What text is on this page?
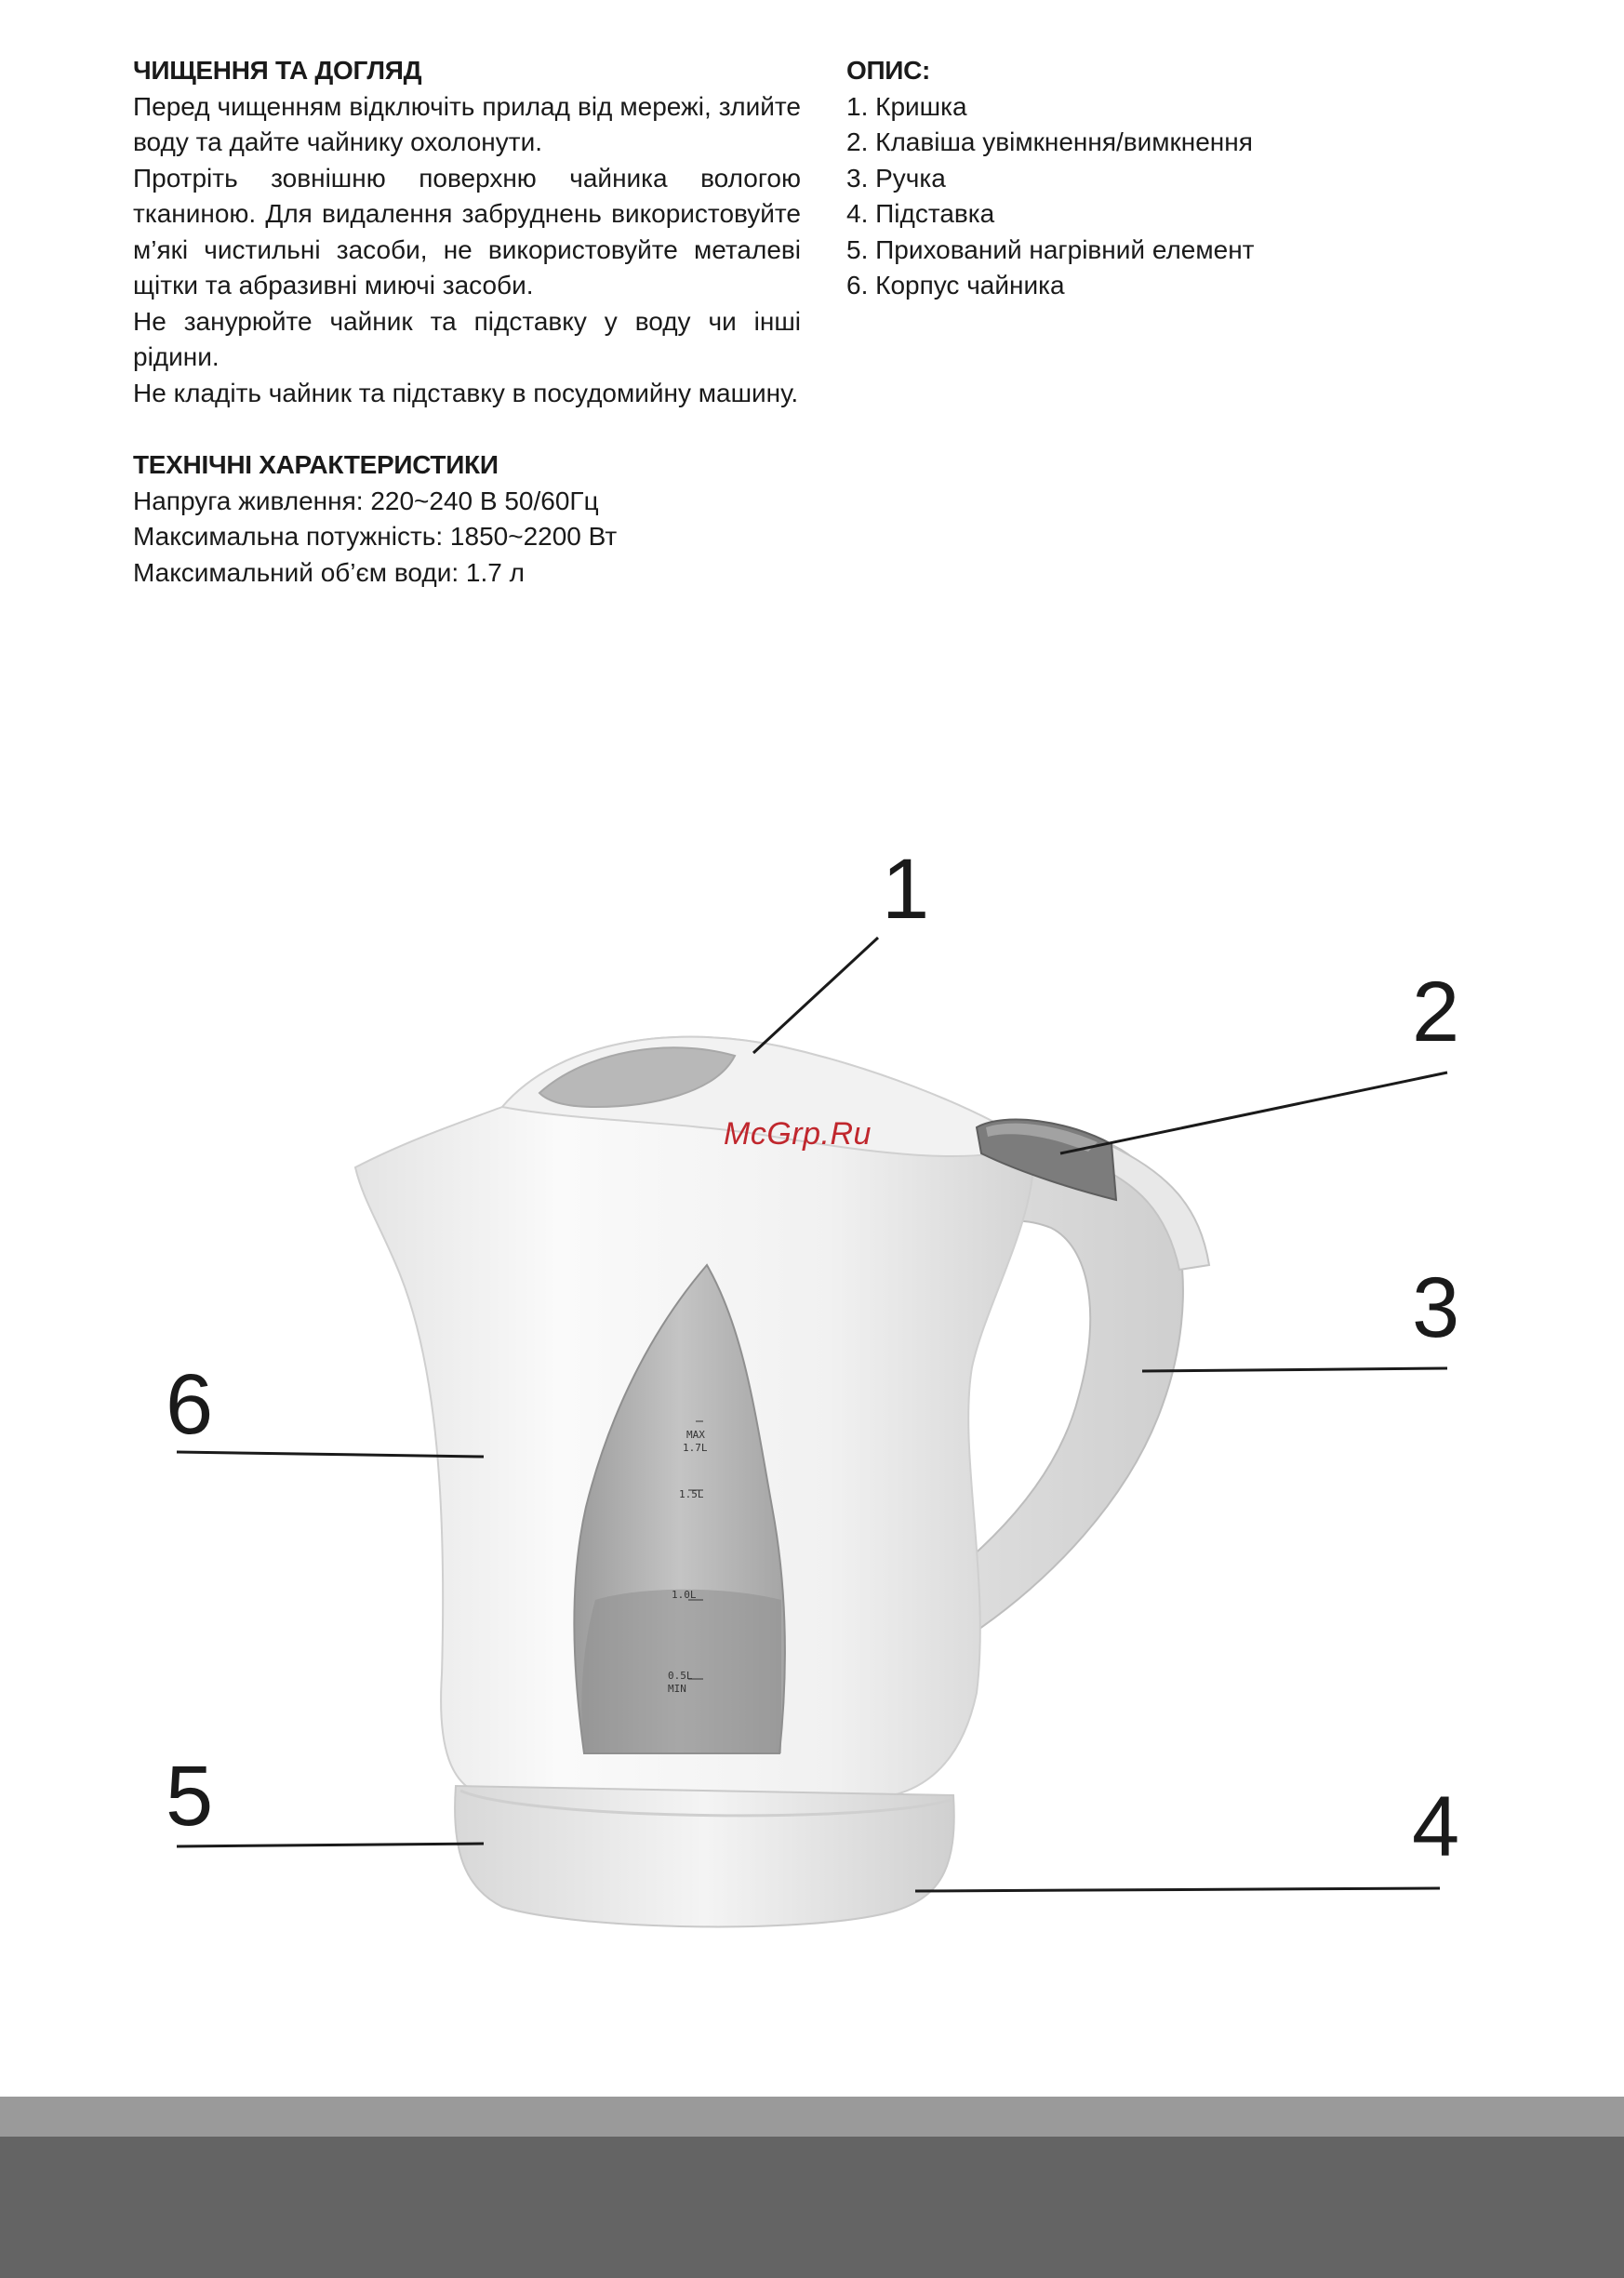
ЧИЩЕННЯ ТА ДОГЛЯД

Перед чищенням відключіть прилад від мережі, злийте воду та дайте чайнику охолонути.

Протріть зовнішню поверхню чайника вологою тканиною. Для видалення забруднень використовуйте м’які чистильні засоби, не використовуйте металеві щітки та абразивні миючі засоби.

Не занурюйте чайник та підставку у воду чи інші рідини.

Не кладіть чайник та підставку в посудомийну машину.

ТЕХНІЧНІ ХАРАКТЕРИСТИКИ

Напруга живлення: 220~240 В 50/60Гц

Максимальна потужність: 1850~2200 Вт

Максимальний об’єм води: 1.7 л

ОПИС:

1. Кришка

2. Клавіша увімкнення/вимкнення

3. Ручка

4. Підставка

5. Прихований нагрівний елемент

6. Корпус чайника

MAX
1.7L
1.5L
1.0L
0.5L
MIN
1
2
3
4
5
6
McGrp.Ru
